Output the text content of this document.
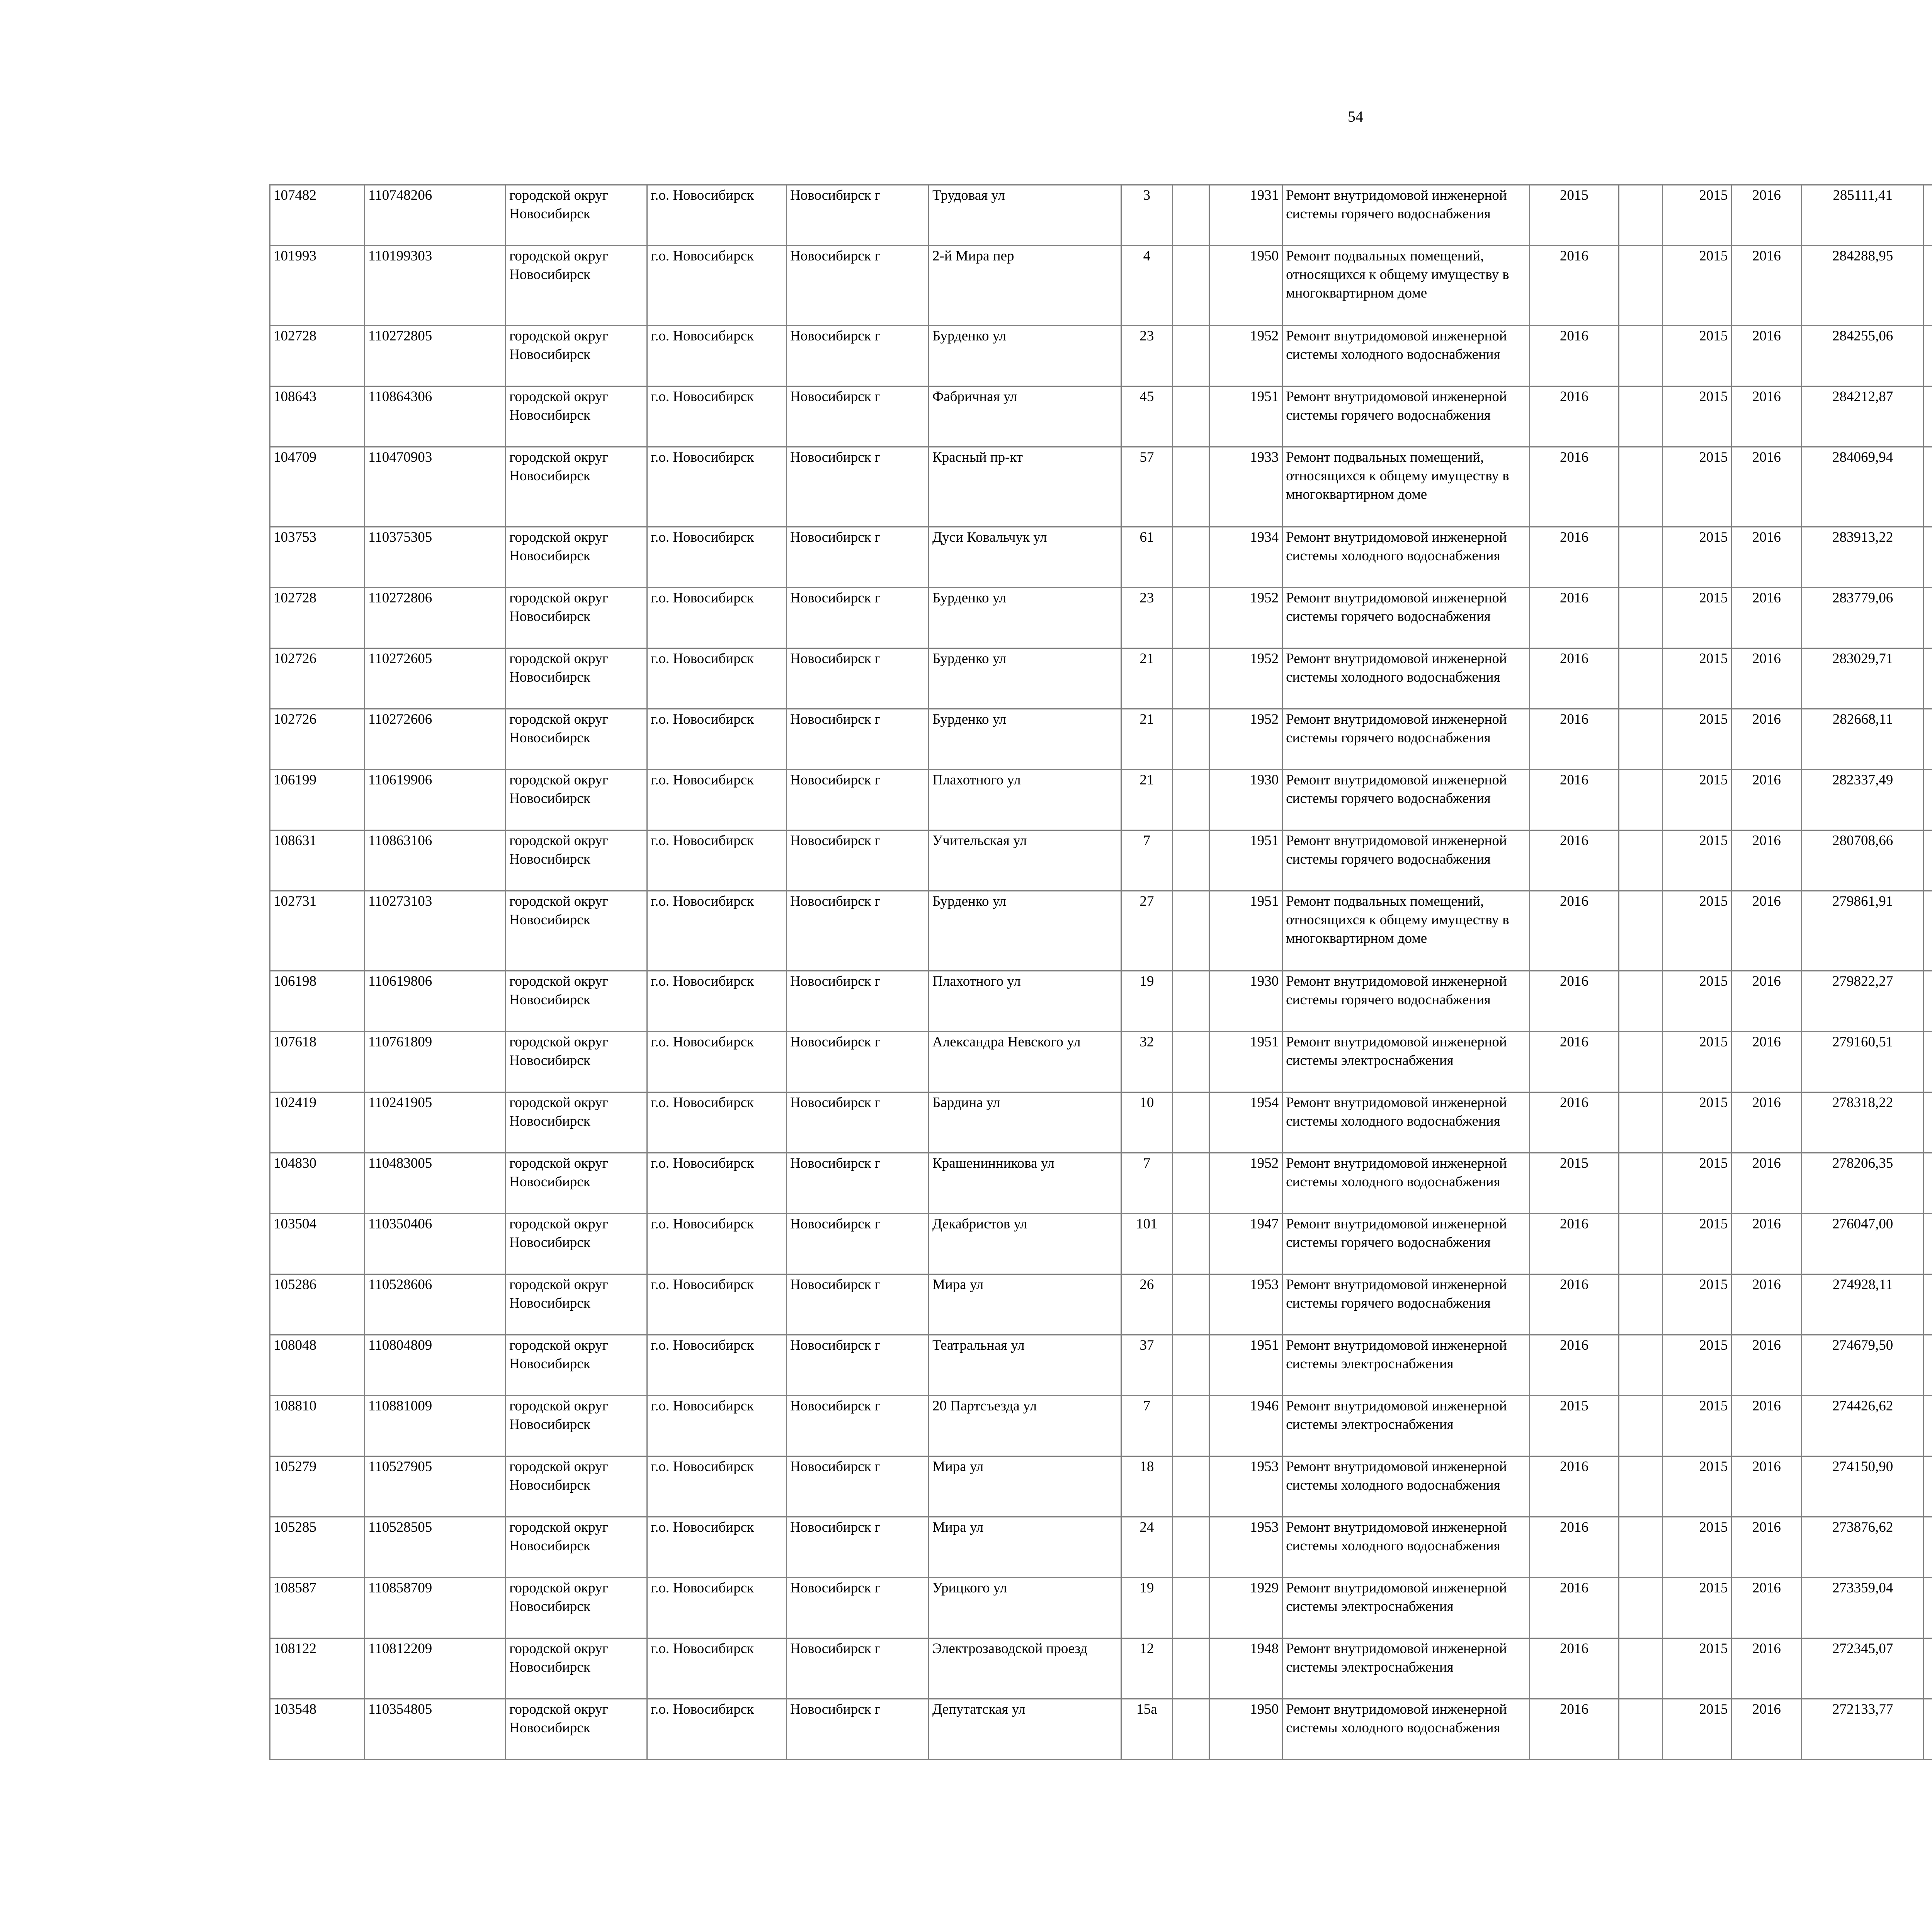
54
107482	110748206	городской округ Новосибирск	г.о. Новосибирск	Новосибирск г	Трудовая ул	3		1931	Ремонт внутридомовой инженерной системы горячего водоснабжения	2015		2015	2016	285111,41							
101993	110199303	городской округ Новосибирск	г.о. Новосибирск	Новосибирск г	2-й Мира пер	4		1950	Ремонт подвальных помещений, относящихся к общему имуществу в многоквартирном доме	2016		2015	2016	284288,95							
102728	110272805	городской округ Новосибирск	г.о. Новосибирск	Новосибирск г	Бурденко ул	23		1952	Ремонт внутридомовой инженерной системы холодного водоснабжения	2016		2015	2016	284255,06							
108643	110864306	городской округ Новосибирск	г.о. Новосибирск	Новосибирск г	Фабричная ул	45		1951	Ремонт внутридомовой инженерной системы горячего водоснабжения	2016		2015	2016	284212,87							
104709	110470903	городской округ Новосибирск	г.о. Новосибирск	Новосибирск г	Красный пр-кт	57		1933	Ремонт подвальных помещений, относящихся к общему имуществу в многоквартирном доме	2016		2015	2016	284069,94							
103753	110375305	городской округ Новосибирск	г.о. Новосибирск	Новосибирск г	Дуси Ковальчук ул	61		1934	Ремонт внутридомовой инженерной системы холодного водоснабжения	2016		2015	2016	283913,22							
102728	110272806	городской округ Новосибирск	г.о. Новосибирск	Новосибирск г	Бурденко ул	23		1952	Ремонт внутридомовой инженерной системы горячего водоснабжения	2016		2015	2016	283779,06							
102726	110272605	городской округ Новосибирск	г.о. Новосибирск	Новосибирск г	Бурденко ул	21		1952	Ремонт внутридомовой инженерной системы холодного водоснабжения	2016		2015	2016	283029,71							
102726	110272606	городской округ Новосибирск	г.о. Новосибирск	Новосибирск г	Бурденко ул	21		1952	Ремонт внутридомовой инженерной системы горячего водоснабжения	2016		2015	2016	282668,11							
106199	110619906	городской округ Новосибирск	г.о. Новосибирск	Новосибирск г	Плахотного ул	21		1930	Ремонт внутридомовой инженерной системы горячего водоснабжения	2016		2015	2016	282337,49							
108631	110863106	городской округ Новосибирск	г.о. Новосибирск	Новосибирск г	Учительская ул	7		1951	Ремонт внутридомовой инженерной системы горячего водоснабжения	2016		2015	2016	280708,66							
102731	110273103	городской округ Новосибирск	г.о. Новосибирск	Новосибирск г	Бурденко ул	27		1951	Ремонт подвальных помещений, относящихся к общему имуществу в многоквартирном доме	2016		2015	2016	279861,91							
106198	110619806	городской округ Новосибирск	г.о. Новосибирск	Новосибирск г	Плахотного ул	19		1930	Ремонт внутридомовой инженерной системы горячего водоснабжения	2016		2015	2016	279822,27							
107618	110761809	городской округ Новосибирск	г.о. Новосибирск	Новосибирск г	Александра Невского ул	32		1951	Ремонт внутридомовой инженерной системы электроснабжения	2016		2015	2016	279160,51							
102419	110241905	городской округ Новосибирск	г.о. Новосибирск	Новосибирск г	Бардина ул	10		1954	Ремонт внутридомовой инженерной системы холодного водоснабжения	2016		2015	2016	278318,22							
104830	110483005	городской округ Новосибирск	г.о. Новосибирск	Новосибирск г	Крашенинникова ул	7		1952	Ремонт внутридомовой инженерной системы холодного водоснабжения	2015		2015	2016	278206,35							
103504	110350406	городской округ Новосибирск	г.о. Новосибирск	Новосибирск г	Декабристов ул	101		1947	Ремонт внутридомовой инженерной системы горячего водоснабжения	2016		2015	2016	276047,00							
105286	110528606	городской округ Новосибирск	г.о. Новосибирск	Новосибирск г	Мира ул	26		1953	Ремонт внутридомовой инженерной системы горячего водоснабжения	2016		2015	2016	274928,11							
108048	110804809	городской округ Новосибирск	г.о. Новосибирск	Новосибирск г	Театральная ул	37		1951	Ремонт внутридомовой инженерной системы электроснабжения	2016		2015	2016	274679,50							
108810	110881009	городской округ Новосибирск	г.о. Новосибирск	Новосибирск г	20 Партсъезда ул	7		1946	Ремонт внутридомовой инженерной системы электроснабжения	2015		2015	2016	274426,62							
105279	110527905	городской округ Новосибирск	г.о. Новосибирск	Новосибирск г	Мира ул	18		1953	Ремонт внутридомовой инженерной системы холодного водоснабжения	2016		2015	2016	274150,90							
105285	110528505	городской округ Новосибирск	г.о. Новосибирск	Новосибирск г	Мира ул	24		1953	Ремонт внутридомовой инженерной системы холодного водоснабжения	2016		2015	2016	273876,62							
108587	110858709	городской округ Новосибирск	г.о. Новосибирск	Новосибирск г	Урицкого ул	19		1929	Ремонт внутридомовой инженерной системы электроснабжения	2016		2015	2016	273359,04							
108122	110812209	городской округ Новосибирск	г.о. Новосибирск	Новосибирск г	Электрозаводской проезд	12		1948	Ремонт внутридомовой инженерной системы электроснабжения	2016		2015	2016	272345,07							
103548	110354805	городской округ Новосибирск	г.о. Новосибирск	Новосибирск г	Депутатская ул	15а		1950	Ремонт внутридомовой инженерной системы холодного водоснабжения	2016		2015	2016	272133,77							
